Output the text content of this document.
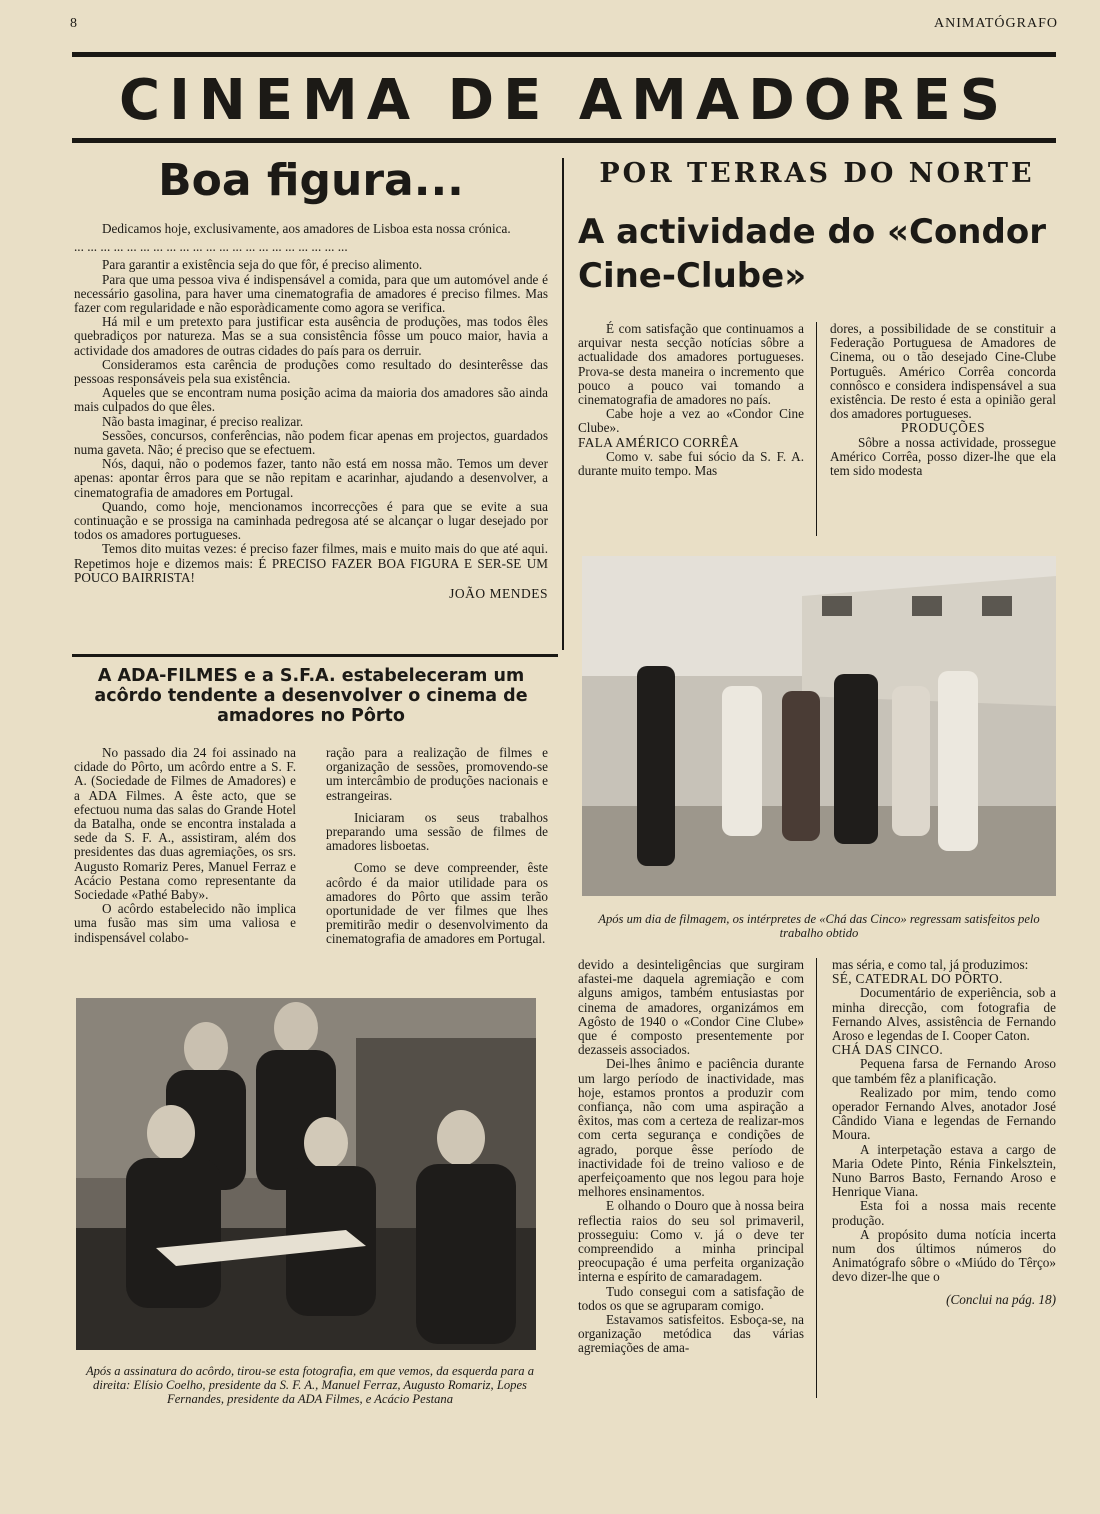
8	ANIMATÓGRAFO
CINEMA DE AMADORES
Boa figura...

Dedicamos hoje, exclusivamente, aos amadores de Lisboa esta nossa crónica.

... ... ... ... ... ... ... ... ... ... ... ... ... ... ... ... ... ... ... ... ...

Para garantir a existência seja do que fôr, é preciso alimento.

Para que uma pessoa viva é indispensável a comida, para que um automóvel ande é necessário gasolina, para haver uma cinematografia de amadores é preciso filmes. Mas fazer com regularidade e não esporàdicamente como agora se verifica.

Há mil e um pretexto para justificar esta ausência de produções, mas todos êles quebradiços por natureza. Mas se a sua consistência fôsse um pouco maior, havia a actividade dos amadores de outras cidades do país para os derruir.

Consideramos esta carência de produções como resultado do desinterêsse das pessoas responsáveis pela sua existência.

Aqueles que se encontram numa posição acima da maioria dos amadores são ainda mais culpados do que êles.

Não basta imaginar, é preciso realizar.

Sessões, concursos, conferências, não podem ficar apenas em projectos, guardados numa gaveta. Não; é preciso que se efectuem.

Nós, daqui, não o podemos fazer, tanto não está em nossa mão. Temos um dever apenas: apontar êrros para que se não repitam e acarinhar, ajudando a desenvolver, a cinematografia de amadores em Portugal.

Quando, como hoje, mencionamos incorrecções é para que se evite a sua continuação e se prossiga na caminhada pedregosa até se alcançar o lugar desejado por todos os amadores portugueses.

Temos dito muitas vezes: é preciso fazer filmes, mais e muito mais do que até aqui. Repetimos hoje e dizemos mais: É PRECISO FAZER BOA FIGURA E SER-SE UM POUCO BAIRRISTA!

JOÃO MENDES
A ADA-FILMES e a S.F.A. estabeleceram um acôrdo tendente a desenvolver o cinema de amadores no Pôrto

No passado dia 24 foi assinado na cidade do Pôrto, um acôrdo entre a S. F. A. (Sociedade de Filmes de Amadores) e a ADA Filmes. A êste acto, que se efectuou numa das salas do Grande Hotel da Batalha, onde se encontra instalada a sede da S. F. A., assistiram, além dos presidentes das duas agremiações, os srs. Augusto Romariz Peres, Manuel Ferraz e Acácio Pestana como representante da Sociedade «Pathé Baby».

O acôrdo estabelecido não implica uma fusão mas sim uma valiosa e indispensável colabo-

ração para a realização de filmes e organização de sessões, promovendo-se um intercâmbio de produções nacionais e estrangeiras.

Iniciaram os seus trabalhos preparando uma sessão de filmes de amadores lisboetas.

Como se deve compreender, êste acôrdo é da maior utilidade para os amadores do Pôrto que assim terão oportunidade de ver filmes que lhes premitirão medir o desenvolvimento da cinematografia de amadores em Portugal.

Após a assinatura do acôrdo, tirou-se esta fotografia, em que vemos, da esquerda para a direita: Elísio Coelho, presidente da S. F. A., Manuel Ferraz, Augusto Romariz, Lopes Fernandes, presidente da ADA Filmes, e Acácio Pestana
POR TERRAS DO NORTE
A actividade do «Condor Cine-Clube»

É com satisfação que continuamos a arquivar nesta secção notícias sôbre a actualidade dos amadores portugueses. Prova-se desta maneira o incremento que pouco a pouco vai tomando a cinematografia de amadores no país.

Cabe hoje a vez ao «Condor Cine Clube».

FALA AMÉRICO CORRÊA

Como v. sabe fui sócio da S. F. A. durante muito tempo. Mas

dores, a possibilidade de se constituir a Federação Portuguesa de Amadores de Cinema, ou o tão desejado Cine-Clube Português. Américo Corrêa concorda connôsco e considera indispensável a sua existência. De resto é esta a opinião geral dos amadores portugueses.

PRODUÇÕES

Sôbre a nossa actividade, prossegue Américo Corrêa, posso dizer-lhe que ela tem sido modesta

Após um dia de filmagem, os intérpretes de «Chá das Cinco» regressam satisfeitos pelo trabalho obtido

devido a desinteligências que surgiram afastei-me daquela agremiação e com alguns amigos, também entusiastas por cinema de amadores, organizámos em Agôsto de 1940 o «Condor Cine Clube» que é composto presentemente por dezasseis associados.

Dei-lhes ânimo e paciência durante um largo período de inactividade, mas hoje, estamos prontos a produzir com confiança, não com uma aspiração a êxitos, mas com a certeza de realizar-mos com certa segurança e condições de agrado, porque êsse período de inactividade foi de treino valioso e de aperfeiçoamento que nos legou para hoje melhores ensinamentos.

E olhando o Douro que à nossa beira reflectia raios do seu sol primaveril, prosseguiu: Como v. já o deve ter compreendido a minha principal preocupação é uma perfeita organização interna e espírito de camaradagem.

Tudo consegui com a satisfação de todos os que se agruparam comigo.

Estavamos satisfeitos. Esboça-se, na organização metódica das várias agremiações de ama-

mas séria, e como tal, já produzimos:

SÉ, CATEDRAL DO PÔRTO.

Documentário de experiência, sob a minha direcção, com fotografia de Fernando Alves, assistência de Fernando Aroso e legendas de I. Cooper Caton.

CHÁ DAS CINCO.

Pequena farsa de Fernando Aroso que também fêz a planificação.

Realizado por mim, tendo como operador Fernando Alves, anotador José Cândido Viana e legendas de Fernando Moura.

A interpetação estava a cargo de Maria Odete Pinto, Rénia Finkelsztein, Nuno Barros Basto, Fernando Aroso e Henrique Viana.

Esta foi a nossa mais recente produção.

A propósito duma notícia incerta num dos últimos números do Animatógrafo sôbre o «Miúdo do Têrço» devo dizer-lhe que o

(Conclui na pág. 18)
